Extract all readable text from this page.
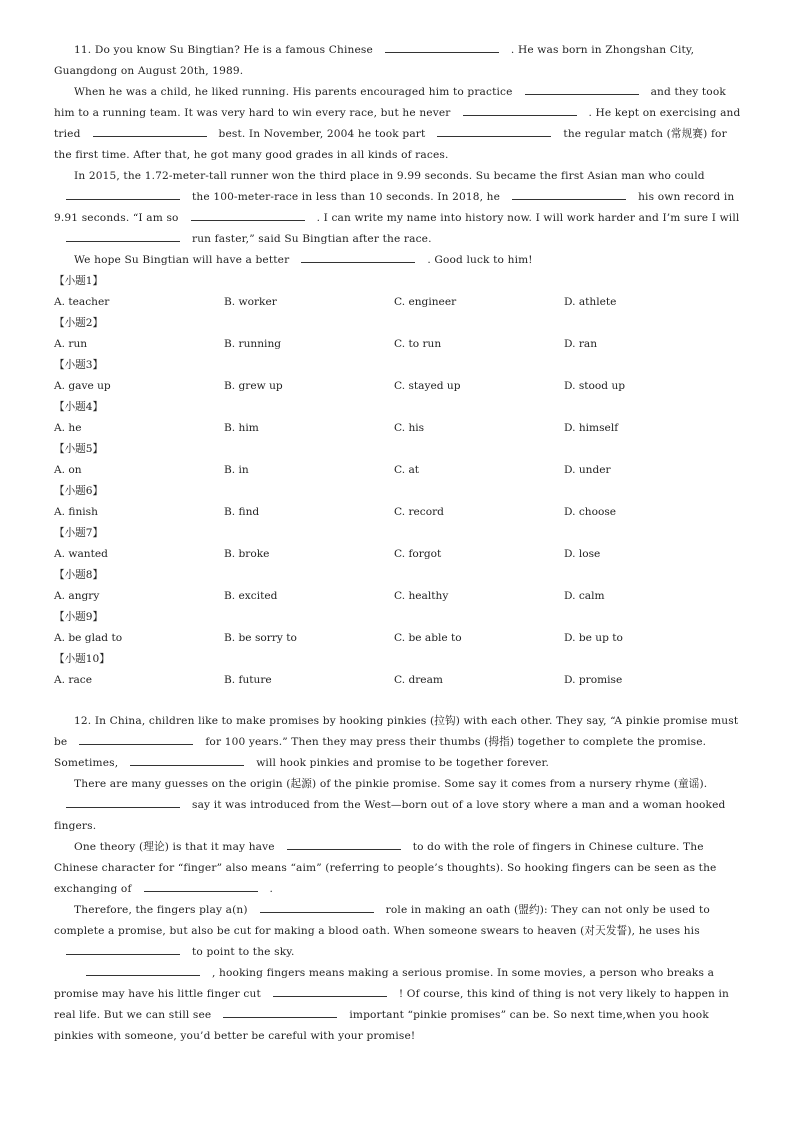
11. Do you know Su Bingtian? He is a famous Chinese	. He was born in Zhongshan City, Guangdong on August 20th, 1989.

When he was a child, he liked running. His parents encouraged him to practice	and they took him to a running team. It was very hard to win every race, but he never	. He kept on exercising and tried	best. In November, 2004 he took part	the regular match (常规赛) for the first time. After that, he got many good grades in all kinds of races.

In 2015, the 1.72-meter-tall runner won the third place in 9.99 seconds. Su became the first Asian man who couldthe 100-meter-race in less than 10 seconds. In 2018, he	his own record in 9.91 seconds. “I am so	. I can write my name into history now. I will work harder and I’m sure I willrun faster,” said Su Bingtian after the race.

We hope Su Bingtian will have a better	. Good luck to him!

【小题1】

A. teacher	B. worker	C. engineer	D. athlete

【小题2】

A. run	B. running	C. to run	D. ran

【小题3】

A. gave up	B. grew up	C. stayed up	D. stood up

【小题4】

A. he	B. him	C. his	D. himself

【小题5】

A. on	B. in	C. at	D. under

【小题6】

A. finish	B. find	C. record	D. choose

【小题7】

A. wanted	B. broke	C. forgot	D. lose

【小题8】

A. angry	B. excited	C. healthy	D. calm

【小题9】

A. be glad to	B. be sorry to	C. be able to	D. be up to

【小题10】

A. race	B. future	C. dream	D. promise

12. In China, children like to make promises by hooking pinkies (拉钩) with each other. They say, “A pinkie promise must be	for 100 years.” Then they may press their thumbs (拇指) together to complete the promise. Sometimes,	will hook pinkies and promise to be together forever.

There are many guesses on the origin (起源) of the pinkie promise. Some say it comes from a nursery rhyme (童谣).say it was introduced from the West—born out of a love story where a man and a woman hooked fingers.

One theory (理论) is that it may have	to do with the role of fingers in Chinese culture. The Chinese character for “finger” also means “aim” (referring to people’s thoughts). So hooking fingers can be seen as the exchanging of	.

Therefore, the fingers play a(n)	role in making an oath (盟约): They can not only be used to complete a promise, but also be cut for making a blood oath. When someone swears to heaven (对天发誓), he uses histo point to the sky.

, hooking fingers means making a serious promise. In some movies, a person who breaks a promise may have his little finger cut	! Of course, this kind of thing is not very likely to happen in real life. But we can still see	important “pinkie promises” can be. So next time,when you hook pinkies with someone, you’d better be careful with your promise!
